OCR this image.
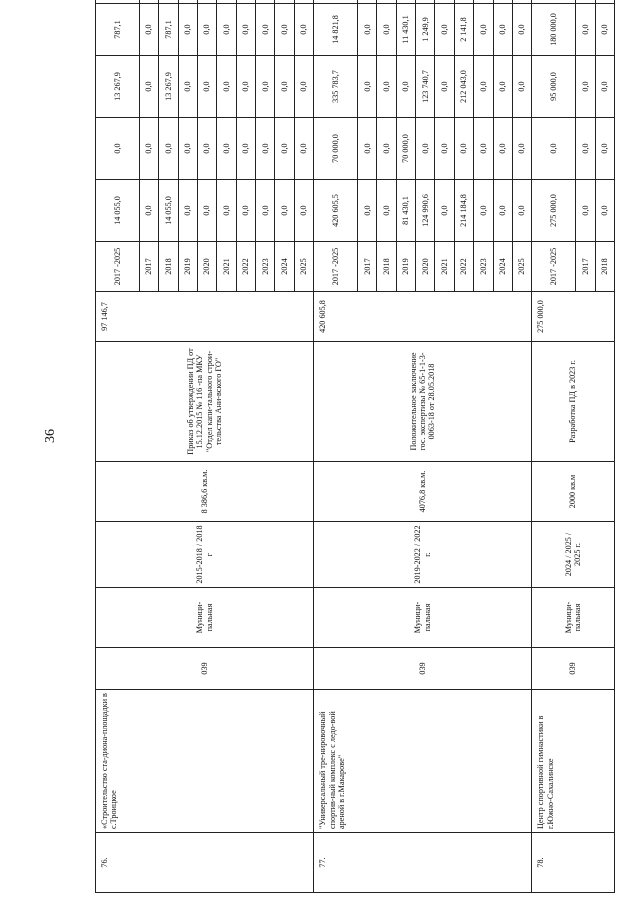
36
76.	«Строительство ста-диона-площадки в с.Троицкое	039	Муници-пальная	2015-2018 / 2018 г	8 386,6 кв.м.	Приказ об утверждении ПД от 15.12.2015 № 116 -па МКУ "Отдел капи-тального строи-тельства Ани-вского ГО"	97 146,7	2017 -2025	14 055,0	0,0	13 267,9	787,1		
								2017	0,0	0,0	0,0	0,0		
								2018	14 055,0	0,0	13 267,9	787,1		
								2019	0,0	0,0	0,0	0,0		
								2020	0,0	0,0	0,0	0,0		
								2021	0,0	0,0	0,0	0,0		
								2022	0,0	0,0	0,0	0,0		
								2023	0,0	0,0	0,0	0,0		
								2024	0,0	0,0	0,0	0,0		
								2025	0,0	0,0	0,0	0,0		
77.	"Универсальный тре-нировочный спортив-ный комплекс с ледо-вой ареной в г.Макарове"	039	Муници-пальная	2019-2022 / 2022 г.	4076,8 кв.м.	Положительное заключение гос. экспертизы № 65-1-1-3-0063-18 от 28.05.2018	420 605,8	2017 -2025	420 605,5	70 000,0	335 783,7	14 821,8		
								2017	0,0	0,0	0,0	0,0		
								2018	0,0	0,0	0,0	0,0		
								2019	81 430,1	70 000,0	0,0	11 430,1		
								2020	124 990,6	0,0	123 740,7	1 249,9		
								2021	0,0	0,0	0,0	0,0		
								2022	214 184,8	0,0	212 043,0	2 141,8		
								2023	0,0	0,0	0,0	0,0		
								2024	0,0	0,0	0,0	0,0		
								2025	0,0	0,0	0,0	0,0		
78.	Центр спортивной гимнастики в г.Южно-Сахалинске	039	Муници-пальная	2024 / 2025 / 2025 г.	2000 кв.м	Разработка ПД в 2023 г.	275 000,0	2017 -2025	275 000,0	0,0	95 000,0	180 000,0		
								2017	0,0	0,0	0,0	0,0		
								2018	0,0	0,0	0,0	0,0		
